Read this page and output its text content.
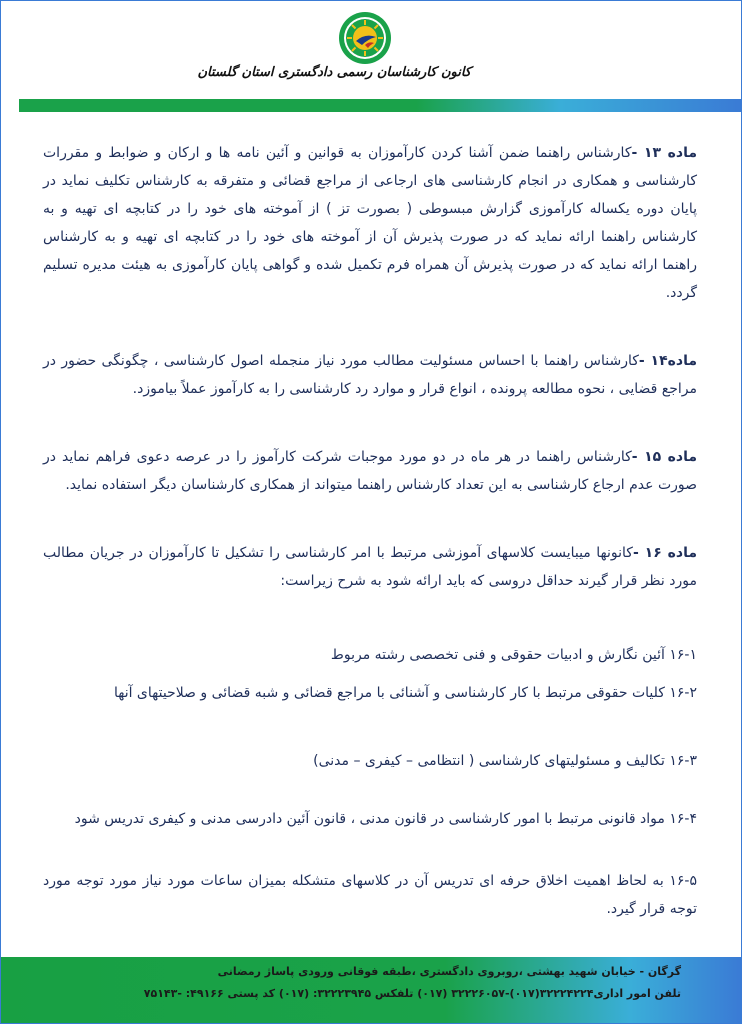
کانون کارشناسان رسمی دادگستری استان گلستان

ماده ۱۳ -کارشناس راهنما ضمن آشنا کردن کارآموزان به قوانین و آئین نامه ها و ارکان و ضوابط و مقررات کارشناسی و همکاری در انجام کارشناسی های ارجاعی از مراجع قضائی و متفرقه به کارشناس تکلیف نماید در پایان دوره یکساله کارآموزی گزارش مبسوطی ( بصورت تز ) از آموخته های خود را در کتابچه ای تهیه و به کارشناس راهنما ارائه نماید که در صورت پذیرش آن از آموخته های خود را در کتابچه ای تهیه و به کارشناس راهنما ارائه نماید که در صورت پذیرش آن همراه فرم تکمیل شده و گواهی پایان کارآموزی به هیئت مدیره تسلیم گردد.

ماده۱۴ -کارشناس راهنما با احساس مسئولیت مطالب مورد نیاز منجمله اصول کارشناسی ، چگونگی حضور در مراجع قضایی ، نحوه مطالعه پرونده ، انواع قرار و موارد رد کارشناسی را به کارآموز عملاً بیاموزد.

ماده ۱۵ -کارشناس راهنما در هر ماه در دو مورد موجبات شرکت کارآموز را در عرصه دعوی فراهم نماید در صورت عدم ارجاع کارشناسی به این تعداد کارشناس راهنما میتواند از همکاری کارشناسان دیگر استفاده نماید.

ماده ۱۶ -کانونها میبایست کلاسهای آموزشی مرتبط با امر کارشناسی را تشکیل تا کارآموزان در جریان مطالب مورد نظر قرار گیرند حداقل دروسی که باید ارائه شود به شرح زیراست:

۱۶-۱ آئین نگارش و ادبیات حقوقی و فنی تخصصی رشته مربوط

۱۶-۲ کلیات حقوقی مرتبط با کار کارشناسی و آشنائی با مراجع قضائی و شبه قضائی و صلاحیتهای آنها

۱۶-۳ تکالیف و مسئولیتهای کارشناسی ( انتظامی – کیفری – مدنی)

۱۶-۴ مواد قانونی مرتبط با امور کارشناسی در قانون مدنی ، قانون آئین دادرسی مدنی و کیفری تدریس شود

۱۶-۵ به لحاظ اهمیت اخلاق حرفه ای تدریس آن در کلاسهای متشکله بمیزان ساعات مورد نیاز مورد توجه مورد توجه قرار گیرد.

گرگان - خیابان شهید بهشتی ،روبروی دادگستری ،طبقه فوقانی ورودی پاساژ رمضانی
تلفن امور اداری۳۲۲۲۴۲۲۴(۰۱۷)-۳۲۲۲۶۰۵۷ (۰۱۷) تلفکس ۳۲۲۲۳۹۴۵: (۰۱۷) کد پستی ۴۹۱۶۶: -۷۵۱۴۳
